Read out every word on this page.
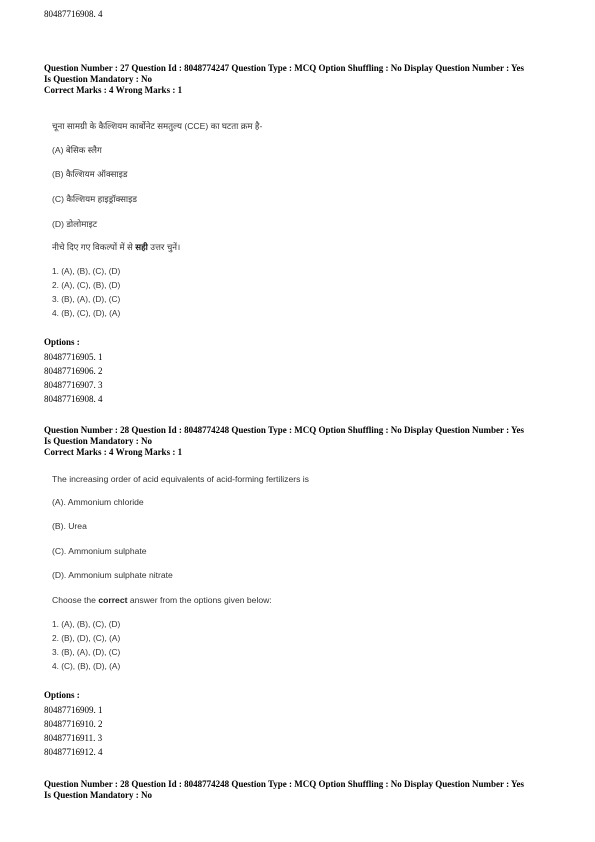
80487716908. 4
Question Number : 27 Question Id : 8048774247 Question Type : MCQ Option Shuffling : No Display Question Number : Yes
Is Question Mandatory : No
Correct Marks : 4 Wrong Marks : 1
चूना सामग्री के कैल्शियम कार्बोनेट समतुल्य (CCE) का घटता क्रम है-
(A) बेसिक स्लैग
(B) कैल्शियम ऑक्साइड
(C) कैल्शियम हाइड्रॉक्साइड
(D) डोलोमाइट
नीचे दिए गए विकल्पों में से सही उत्तर चुनें।
1. (A), (B), (C), (D)
2. (A), (C), (B), (D)
3. (B), (A), (D), (C)
4. (B), (C), (D), (A)
Options :
80487716905. 1
80487716906. 2
80487716907. 3
80487716908. 4
Question Number : 28 Question Id : 8048774248 Question Type : MCQ Option Shuffling : No Display Question Number : Yes
Is Question Mandatory : No
Correct Marks : 4 Wrong Marks : 1
The increasing order of acid equivalents of acid-forming fertilizers is
(A). Ammonium chloride
(B). Urea
(C). Ammonium sulphate
(D). Ammonium sulphate nitrate
Choose the correct answer from the options given below:
1. (A), (B), (C), (D)
2. (B), (D), (C), (A)
3. (B), (A), (D), (C)
4. (C), (B), (D), (A)
Options :
80487716909. 1
80487716910. 2
80487716911. 3
80487716912. 4
Question Number : 28 Question Id : 8048774248 Question Type : MCQ Option Shuffling : No Display Question Number : Yes
Is Question Mandatory : No
